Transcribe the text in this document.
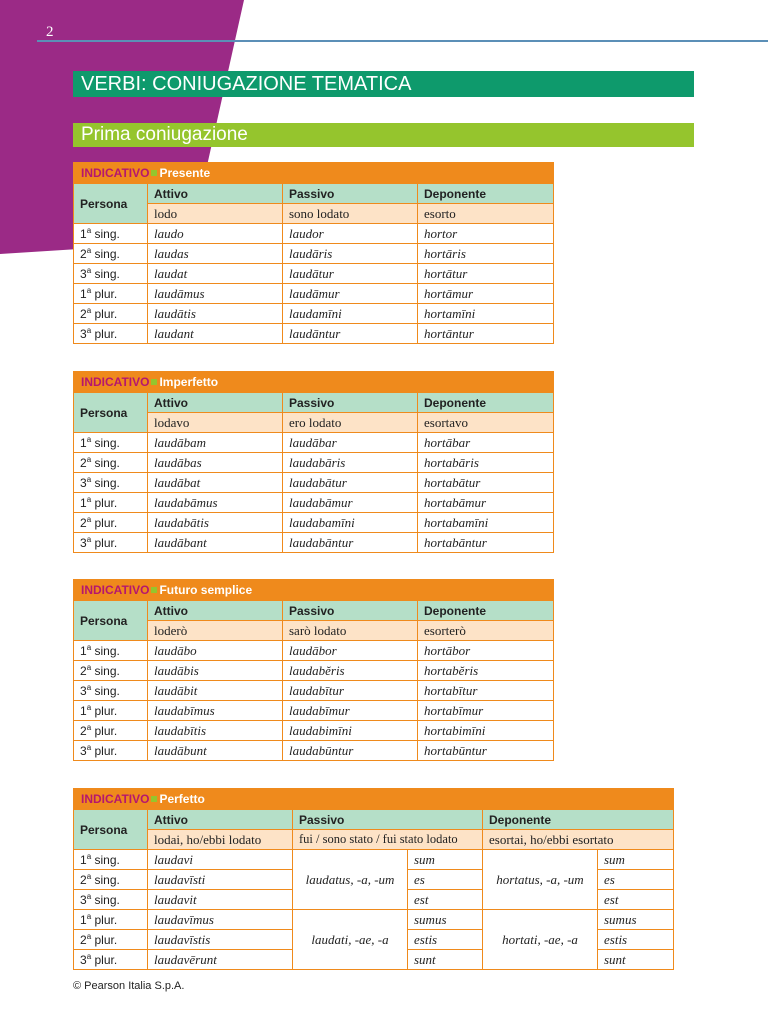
2
VERBI: CONIUGAZIONE TEMATICA
Prima coniugazione
INDICATIVO Presente			
Persona	Attivo	Passivo	Deponente
	lodo	sono lodato	esorto
1$^a$ sing.	laudo	laudor	hortor
2$^a$ sing.	laudas	laudāris	hortāris
3$^a$ sing.	laudat	laudātur	hortātur
1$^a$ plur.	laudāmus	laudāmur	hortāmur
2$^a$ plur.	laudātis	laudamīni	hortamīni
3$^a$ plur.	laudant	laudāntur	hortāntur
INDICATIVO Imperfetto			
Persona	Attivo	Passivo	Deponente
	lodavo	ero lodato	esortavo
1$^a$ sing.	laudābam	laudābar	hortābar
2$^a$ sing.	laudābas	laudabāris	hortabāris
3$^a$ sing.	laudābat	laudabātur	hortabātur
1$^a$ plur.	laudabāmus	laudabāmur	hortabāmur
2$^a$ plur.	laudabātis	laudabamīni	hortabamīni
3$^a$ plur.	laudābant	laudabāntur	hortabāntur
INDICATIVO Futuro semplice			
Persona	Attivo	Passivo	Deponente
	loderò	sarò lodato	esorterò
1$^a$ sing.	laudābo	laudābor	hortābor
2$^a$ sing.	laudābis	laudabĕris	hortabĕris
3$^a$ sing.	laudābit	laudabītur	hortabītur
1$^a$ plur.	laudabīmus	laudabīmur	hortabīmur
2$^a$ plur.	laudabītis	laudabimīni	hortabimīni
3$^a$ plur.	laudābunt	laudabūntur	hortabūntur
INDICATIVO Perfetto					
Persona	Attivo	Passivo		Deponente	
	lodai, ho/ebbi lodato	fui / sono stato / fui stato lodato		esortai, ho/ebbi esortato	
1$^a$ sing.	laudavi	laudatus, -a, -um	sum	hortatus, -a, -um	sum
2$^a$ sing.	laudavīsti		es		es
3$^a$ sing.	laudavit		est		est
1$^a$ plur.	laudavīmus	laudati, -ae, -a	sumus	hortati, -ae, -a	sumus
2$^a$ plur.	laudavīstis		estis		estis
3$^a$ plur.	laudavērunt		sunt		sunt
© Pearson Italia S.p.A.
